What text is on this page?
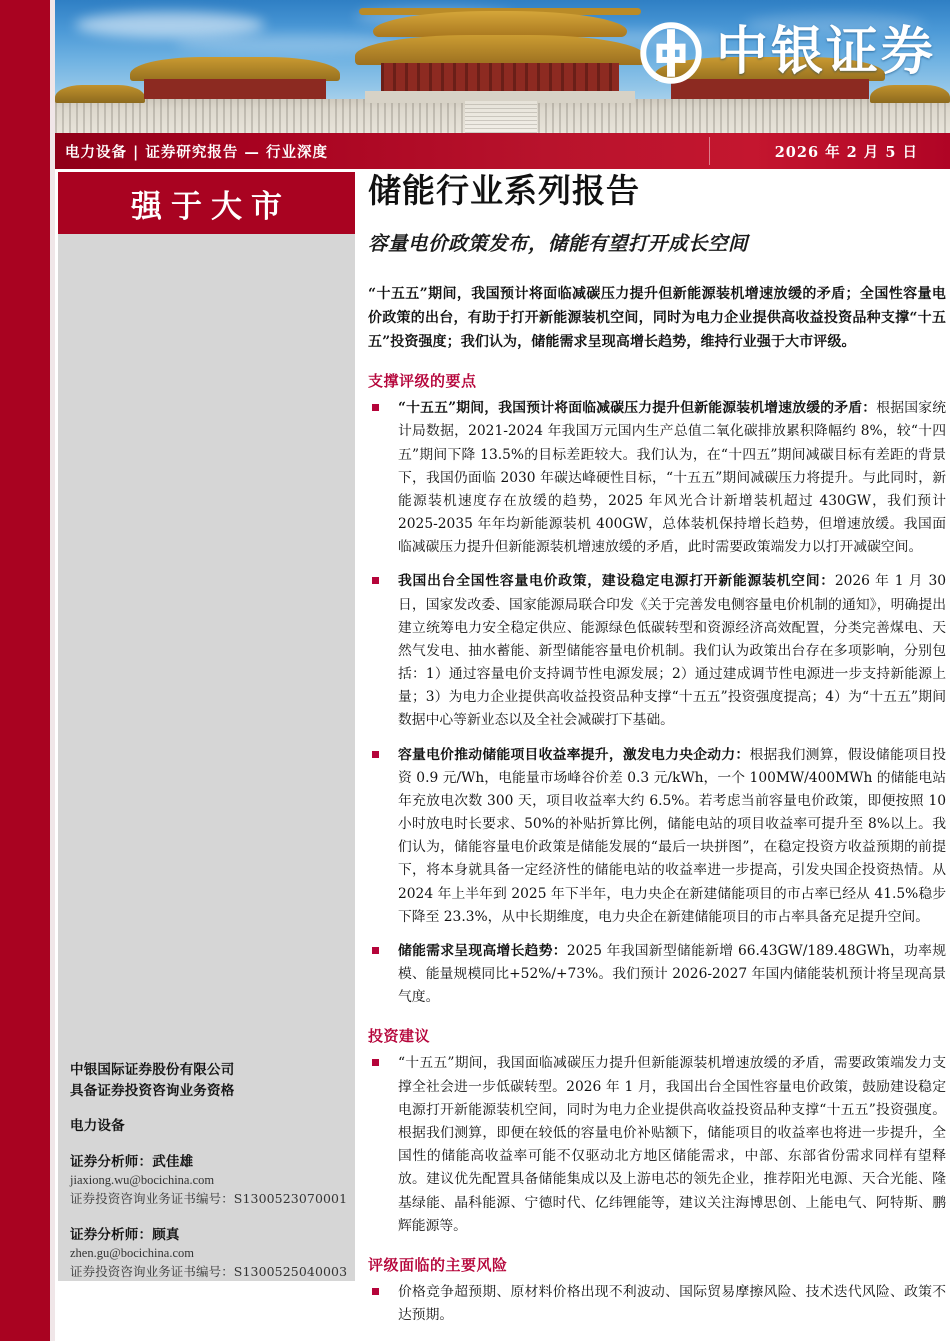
中银证券
电力设备 | 证券研究报告 — 行业深度	2026 年 2 月 5 日
强于大市
中银国际证券股份有限公司
具备证券投资咨询业务资格
电力设备
证券分析师：武佳雄
jiaxiong.wu@bocichina.com
证券投资咨询业务证书编号：S1300523070001
证券分析师：顾真
zhen.gu@bocichina.com
证券投资咨询业务证书编号：S1300525040003
储能行业系列报告
容量电价政策发布，储能有望打开成长空间
“十五五”期间，我国预计将面临减碳压力提升但新能源装机增速放缓的矛盾；全国性容量电价政策的出台，有助于打开新能源装机空间，同时为电力企业提供高收益投资品种支撑“十五五”投资强度；我们认为，储能需求呈现高增长趋势，维持行业强于大市评级。
支撑评级的要点
“十五五”期间，我国预计将面临减碳压力提升但新能源装机增速放缓的矛盾：根据国家统计局数据，2021-2024 年我国万元国内生产总值二氧化碳排放累积降幅约 8%，较“十四五”期间下降 13.5%的目标差距较大。我们认为，在“十四五”期间减碳目标有差距的背景下，我国仍面临 2030 年碳达峰硬性目标，“十五五”期间减碳压力将提升。与此同时，新能源装机速度存在放缓的趋势，2025 年风光合计新增装机超过 430GW，我们预计 2025-2035 年年均新能源装机 400GW，总体装机保持增长趋势，但增速放缓。我国面临减碳压力提升但新能源装机增速放缓的矛盾，此时需要政策端发力以打开减碳空间。
我国出台全国性容量电价政策，建设稳定电源打开新能源装机空间：2026 年 1 月 30 日，国家发改委、国家能源局联合印发《关于完善发电侧容量电价机制的通知》，明确提出建立统筹电力安全稳定供应、能源绿色低碳转型和资源经济高效配置，分类完善煤电、天然气发电、抽水蓄能、新型储能容量电价机制。我们认为政策出台存在多项影响，分别包括：1）通过容量电价支持调节性电源发展；2）通过建成调节性电源进一步支持新能源上量；3）为电力企业提供高收益投资品种支撑“十五五”投资强度提高；4）为“十五五”期间数据中心等新业态以及全社会减碳打下基础。
容量电价推动储能项目收益率提升，激发电力央企动力：根据我们测算，假设储能项目投资 0.9 元/Wh，电能量市场峰谷价差 0.3 元/kWh，一个 100MW/400MWh 的储能电站年充放电次数 300 天，项目收益率大约 6.5%。若考虑当前容量电价政策，即便按照 10 小时放电时长要求、50%的补贴折算比例，储能电站的项目收益率可提升至 8%以上。我们认为，储能容量电价政策是储能发展的“最后一块拼图”，在稳定投资方收益预期的前提下，将本身就具备一定经济性的储能电站的收益率进一步提高，引发央国企投资热情。从 2024 年上半年到 2025 年下半年，电力央企在新建储能项目的市占率已经从 41.5%稳步下降至 23.3%，从中长期维度，电力央企在新建储能项目的市占率具备充足提升空间。
储能需求呈现高增长趋势：2025 年我国新型储能新增 66.43GW/189.48GWh，功率规模、能量规模同比+52%/+73%。我们预计 2026-2027 年国内储能装机预计将呈现高景气度。
投资建议
“十五五”期间，我国面临减碳压力提升但新能源装机增速放缓的矛盾，需要政策端发力支撑全社会进一步低碳转型。2026 年 1 月，我国出台全国性容量电价政策，鼓励建设稳定电源打开新能源装机空间，同时为电力企业提供高收益投资品种支撑“十五五”投资强度。根据我们测算，即便在较低的容量电价补贴额下，储能项目的收益率也将进一步提升，全国性的储能高收益率可能不仅驱动北方地区储能需求，中部、东部省份需求同样有望释放。建议优先配置具备储能集成以及上游电芯的领先企业，推荐阳光电源、天合光能、隆基绿能、晶科能源、宁德时代、亿纬锂能等，建议关注海博思创、上能电气、阿特斯、鹏辉能源等。
评级面临的主要风险
价格竞争超预期、原材料价格出现不利波动、国际贸易摩擦风险、技术迭代风险、政策不达预期。
